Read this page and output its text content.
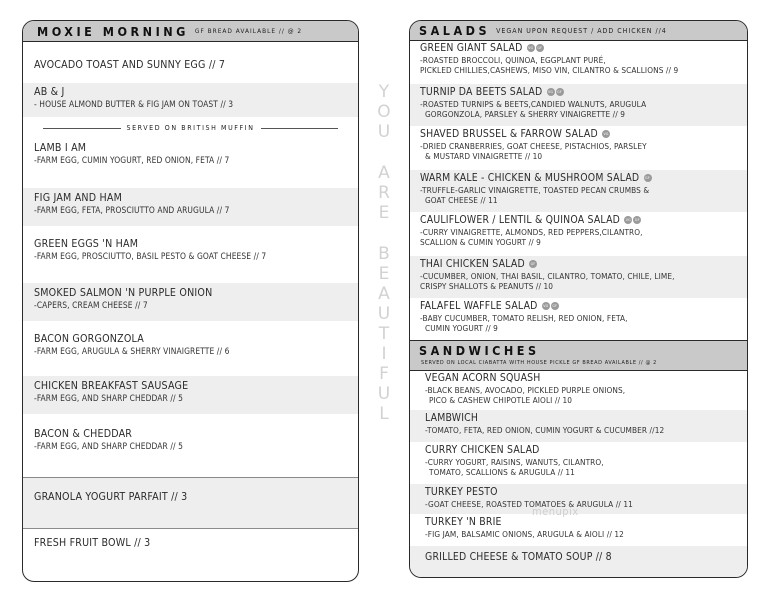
MOXIE MORNING GF BREAD AVAILABLE // @ 2
AVOCADO TOAST AND SUNNY EGG // 7
AB & J
- HOUSE ALMOND BUTTER & FIG JAM ON TOAST // 3
SERVED ON BRITISH MUFFIN
LAMB I AM
-FARM EGG, CUMIN YOGURT, RED ONION, FETA // 7
FIG JAM AND HAM
-FARM EGG, FETA, PROSCIUTTO AND ARUGULA // 7
GREEN EGGS 'N HAM
-FARM EGG, PROSCIUTTO, BASIL PESTO & GOAT CHEESE // 7
SMOKED SALMON 'N PURPLE ONION
-CAPERS, CREAM CHEESE // 7
BACON GORGONZOLA
-FARM EGG, ARUGULA & SHERRY VINAIGRETTE // 6
CHICKEN BREAKFAST SAUSAGE
-FARM EGG, AND SHARP CHEDDAR // 5
BACON & CHEDDAR
-FARM EGG, AND SHARP CHEDDAR // 5
GRANOLA YOGURT PARFAIT // 3
FRESH FRUIT BOWL // 3
Y
O
U
A
R
E
B
E
A
U
T
I
F
U
L
SALADS VEGAN UPON REQUEST / ADD CHICKEN //4
GREEN GIANT SALAD VG GF
-ROASTED BROCCOLI, QUINOA, EGGPLANT PURÉ,
PICKLED CHILLIES,CASHEWS, MISO VIN, CILANTRO & SCALLIONS // 9
TURNIP DA BEETS SALAD VG GF
-ROASTED TURNIPS & BEETS,CANDIED WALNUTS, ARUGULA
GORGONZOLA, PARSLEY & SHERRY VINAIGRETTE // 9
SHAVED BRUSSEL & FARROW SALAD VG
-DRIED CRANBERRIES, GOAT CHEESE, PISTACHIOS, PARSLEY
& MUSTARD VINAIGRETTE // 10
WARM KALE - CHICKEN & MUSHROOM SALAD GF
-TRUFFLE-GARLIC VINAIGRETTE, TOASTED PECAN CRUMBS &
GOAT CHEESE // 11
CAULIFLOWER / LENTIL & QUINOA SALAD VG GF
-CURRY VINAIGRETTE, ALMONDS, RED PEPPERS,CILANTRO,
SCALLION & CUMIN YOGURT // 9
THAI CHICKEN SALAD GF
-CUCUMBER, ONION, THAI BASIL, CILANTRO, TOMATO, CHILE, LIME,
CRISPY SHALLOTS & PEANUTS // 10
FALAFEL WAFFLE SALAD VG GF
-BABY CUCUMBER, TOMATO RELISH, RED ONION, FETA,
CUMIN YOGURT // 9
SANDWICHES
SERVED ON LOCAL CIABATTA WITH HOUSE PICKLE GF BREAD AVAILABLE // @ 2
VEGAN ACORN SQUASH
-BLACK BEANS, AVOCADO, PICKLED PURPLE ONIONS,
PICO & CASHEW CHIPOTLE AIOLI // 10
LAMBWICH
-TOMATO, FETA, RED ONION, CUMIN YOGURT & CUCUMBER //12
CURRY CHICKEN SALAD
-CURRY YOGURT, RAISINS, WANUTS, CILANTRO,
TOMATO, SCALLIONS & ARUGULA // 11
TURKEY PESTO
-GOAT CHEESE, ROASTED TOMATOES & ARUGULA // 11
TURKEY 'N BRIE
-FIG JAM, BALSAMIC ONIONS, ARUGULA & AIOLI // 12
GRILLED CHEESE & TOMATO SOUP // 8
menupix
